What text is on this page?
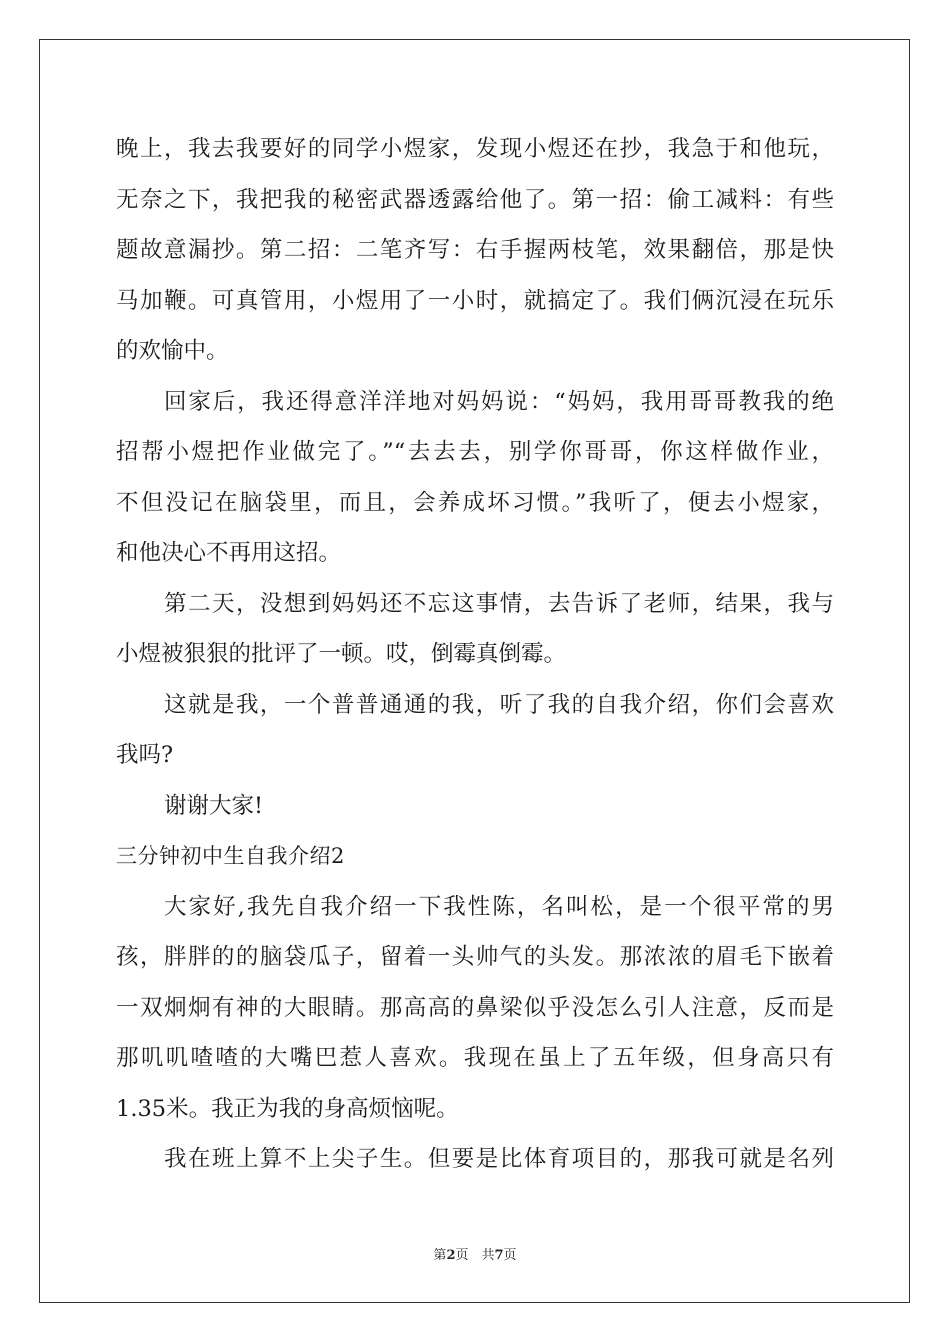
晚上，我去我要好的同学小煜家，发现小煜还在抄，我急于和他玩，
无奈之下，我把我的秘密武器透露给他了。第一招：偷工减料：有些
题故意漏抄。第二招：二笔齐写：右手握两枝笔，效果翻倍，那是快
马加鞭。可真管用，小煜用了一小时，就搞定了。我们俩沉浸在玩乐
的欢愉中。
回家后，我还得意洋洋地对妈妈说：“妈妈，我用哥哥教我的绝
招帮小煜把作业做完了。”“去去去，别学你哥哥，你这样做作业，
不但没记在脑袋里，而且，会养成坏习惯。”我听了，便去小煜家，
和他决心不再用这招。
第二天，没想到妈妈还不忘这事情，去告诉了老师，结果，我与
小煜被狠狠的批评了一顿。哎，倒霉真倒霉。
这就是我，一个普普通通的我，听了我的自我介绍，你们会喜欢
我吗?
谢谢大家!
三分钟初中生自我介绍2
大家好,我先自我介绍一下我性陈，名叫松，是一个很平常的男
孩，胖胖的的脑袋瓜子，留着一头帅气的头发。那浓浓的眉毛下嵌着
一双炯炯有神的大眼睛。那高高的鼻梁似乎没怎么引人注意，反而是
那叽叽喳喳的大嘴巴惹人喜欢。我现在虽上了五年级，但身高只有
1.35米。我正为我的身高烦恼呢。
我在班上算不上尖子生。但要是比体育项目的，那我可就是名列
第2页　共7页
